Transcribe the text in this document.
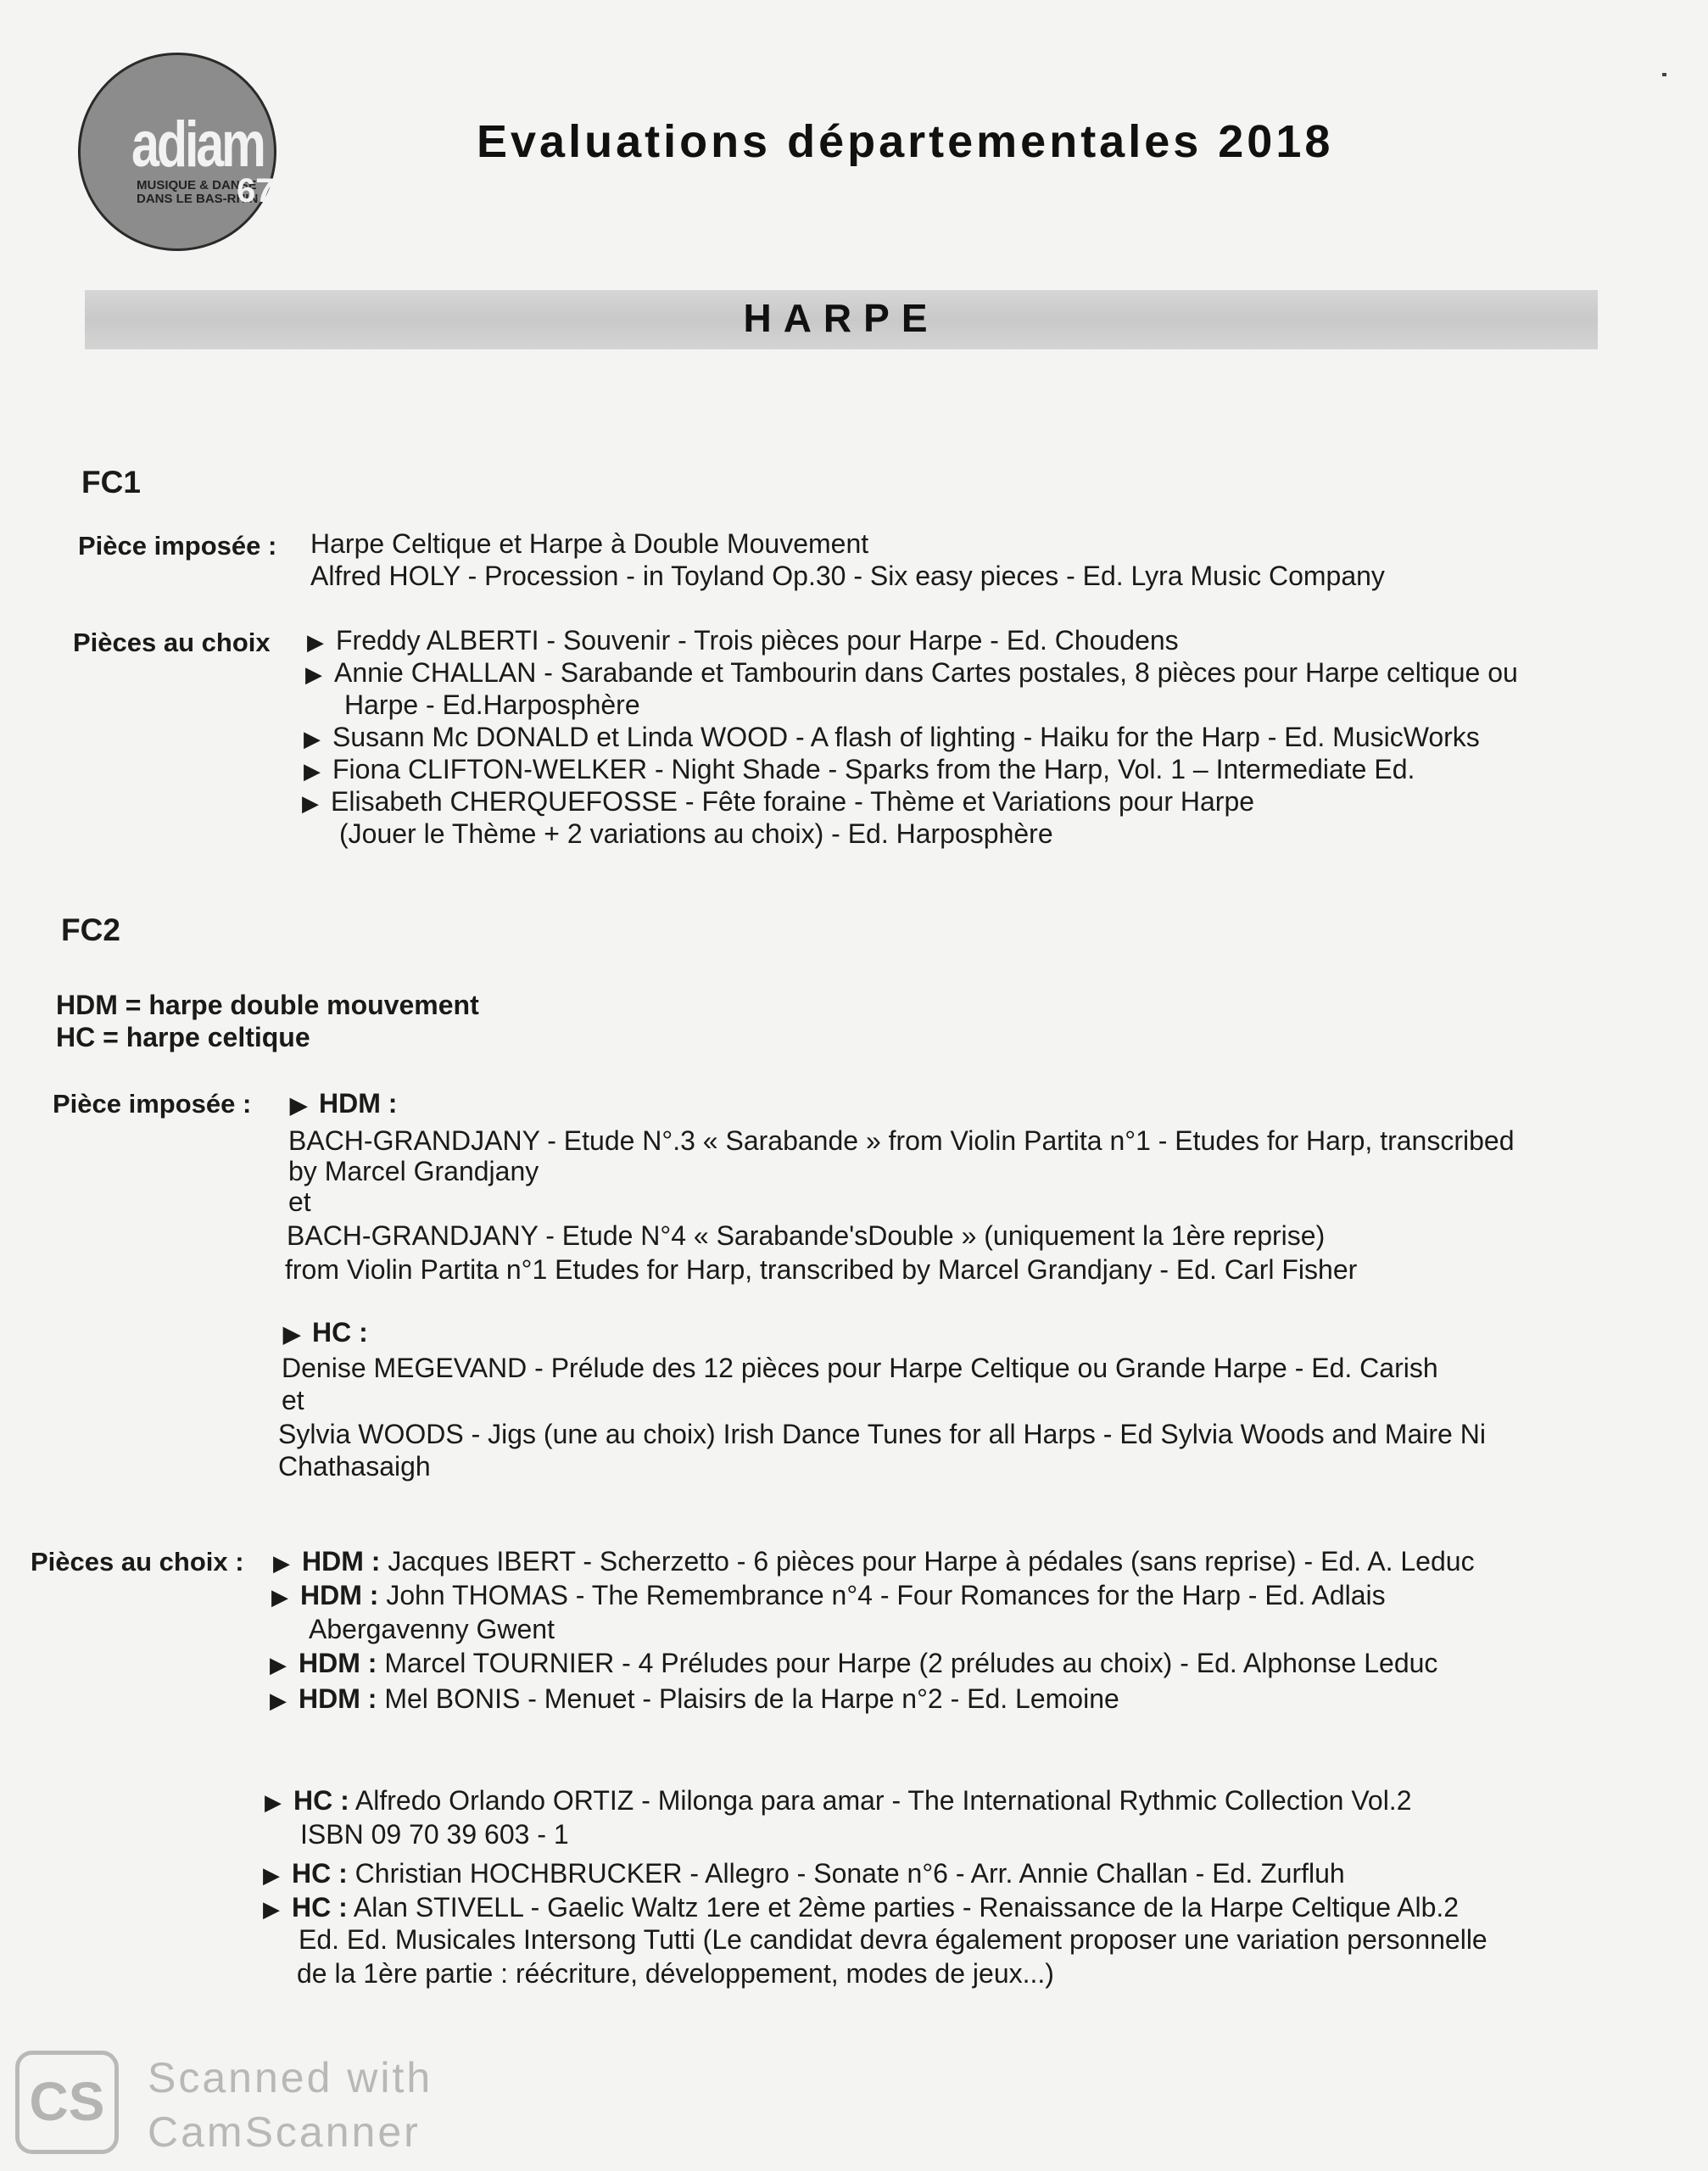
adiam
MUSIQUE & DANSE
DANS LE BAS-RHIN
67
Evaluations départementales 2018
HARPE
FC1
Pièce imposée : Harpe Celtique et Harpe à Double Mouvement
Alfred HOLY - Procession - in Toyland Op.30 - Six easy pieces - Ed. Lyra Music Company
Pièces au choix ▶ Freddy ALBERTI - Souvenir - Trois pièces pour Harpe - Ed. Choudens
▶ Annie CHALLAN - Sarabande et Tambourin dans Cartes postales, 8 pièces pour Harpe celtique ou
Harpe - Ed.Harposphère
▶ Susann Mc DONALD et Linda WOOD - A flash of lighting - Haiku for the Harp - Ed. MusicWorks
▶ Fiona CLIFTON-WELKER - Night Shade - Sparks from the Harp, Vol. 1 – Intermediate Ed.
▶ Elisabeth CHERQUEFOSSE - Fête foraine - Thème et Variations pour Harpe
(Jouer le Thème + 2 variations au choix) - Ed. Harposphère
FC2
HDM = harpe double mouvement
HC = harpe celtique
Pièce imposée : ▶ HDM :
BACH-GRANDJANY - Etude N°.3 « Sarabande » from Violin Partita n°1 - Etudes for Harp, transcribed
by Marcel Grandjany
et
BACH-GRANDJANY - Etude N°4 « Sarabande'sDouble » (uniquement la 1ère reprise)
from Violin Partita n°1 Etudes for Harp, transcribed by Marcel Grandjany - Ed. Carl Fisher
▶ HC :
Denise MEGEVAND - Prélude des 12 pièces pour Harpe Celtique ou Grande Harpe - Ed. Carish
et
Sylvia WOODS - Jigs (une au choix) Irish Dance Tunes for all Harps - Ed Sylvia Woods and Maire Ni
Chathasaigh
Pièces au choix : ▶ HDM : Jacques IBERT - Scherzetto - 6 pièces pour Harpe à pédales (sans reprise) - Ed. A. Leduc
▶ HDM : John THOMAS - The Remembrance n°4 - Four Romances for the Harp - Ed. Adlais
Abergavenny Gwent
▶ HDM : Marcel TOURNIER - 4 Préludes pour Harpe (2 préludes au choix) - Ed. Alphonse Leduc
▶ HDM : Mel BONIS - Menuet - Plaisirs de la Harpe n°2 - Ed. Lemoine
▶ HC : Alfredo Orlando ORTIZ - Milonga para amar - The International Rythmic Collection Vol.2
ISBN 09 70 39 603 - 1
▶ HC : Christian HOCHBRUCKER - Allegro - Sonate n°6 - Arr. Annie Challan - Ed. Zurfluh
▶ HC : Alan STIVELL - Gaelic Waltz 1ere et 2ème parties - Renaissance de la Harpe Celtique Alb.2
Ed. Ed. Musicales Intersong Tutti (Le candidat devra également proposer une variation personnelle
de la 1ère partie : réécriture, développement, modes de jeux...)
CS	Scanned with
CamScanner
